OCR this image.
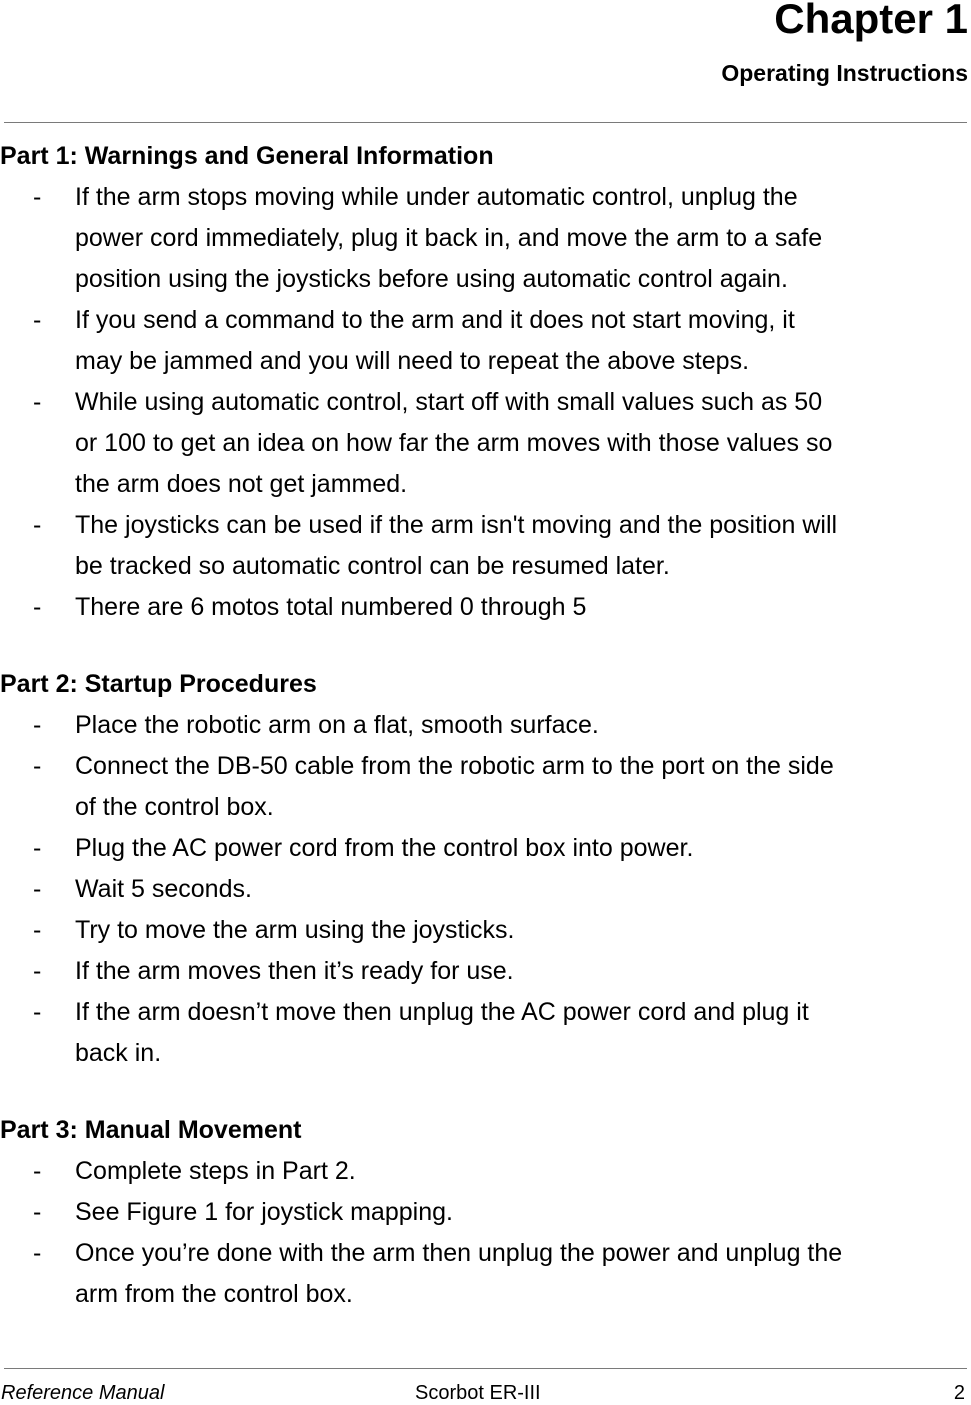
Chapter 1
Operating Instructions
Part 1: Warnings and General Information
- If the arm stops moving while under automatic control, unplug the
power cord immediately, plug it back in, and move the arm to a safe
position using the joysticks before using automatic control again.
- If you send a command to the arm and it does not start moving, it
may be jammed and you will need to repeat the above steps.
- While using automatic control, start off with small values such as 50
or 100 to get an idea on how far the arm moves with those values so
the arm does not get jammed.
- The joysticks can be used if the arm isn't moving and the position will
be tracked so automatic control can be resumed later.
- There are 6 motos total numbered 0 through 5
Part 2: Startup Procedures
- Place the robotic arm on a flat, smooth surface.
- Connect the DB-50 cable from the robotic arm to the port on the side
of the control box.
- Plug the AC power cord from the control box into power.
- Wait 5 seconds.
- Try to move the arm using the joysticks.
- If the arm moves then it’s ready for use.
- If the arm doesn’t move then unplug the AC power cord and plug it
back in.
Part 3: Manual Movement
- Complete steps in Part 2.
- See Figure 1 for joystick mapping.
- Once you’re done with the arm then unplug the power and unplug the
arm from the control box.
Reference Manual	Scorbot ER-III	2
